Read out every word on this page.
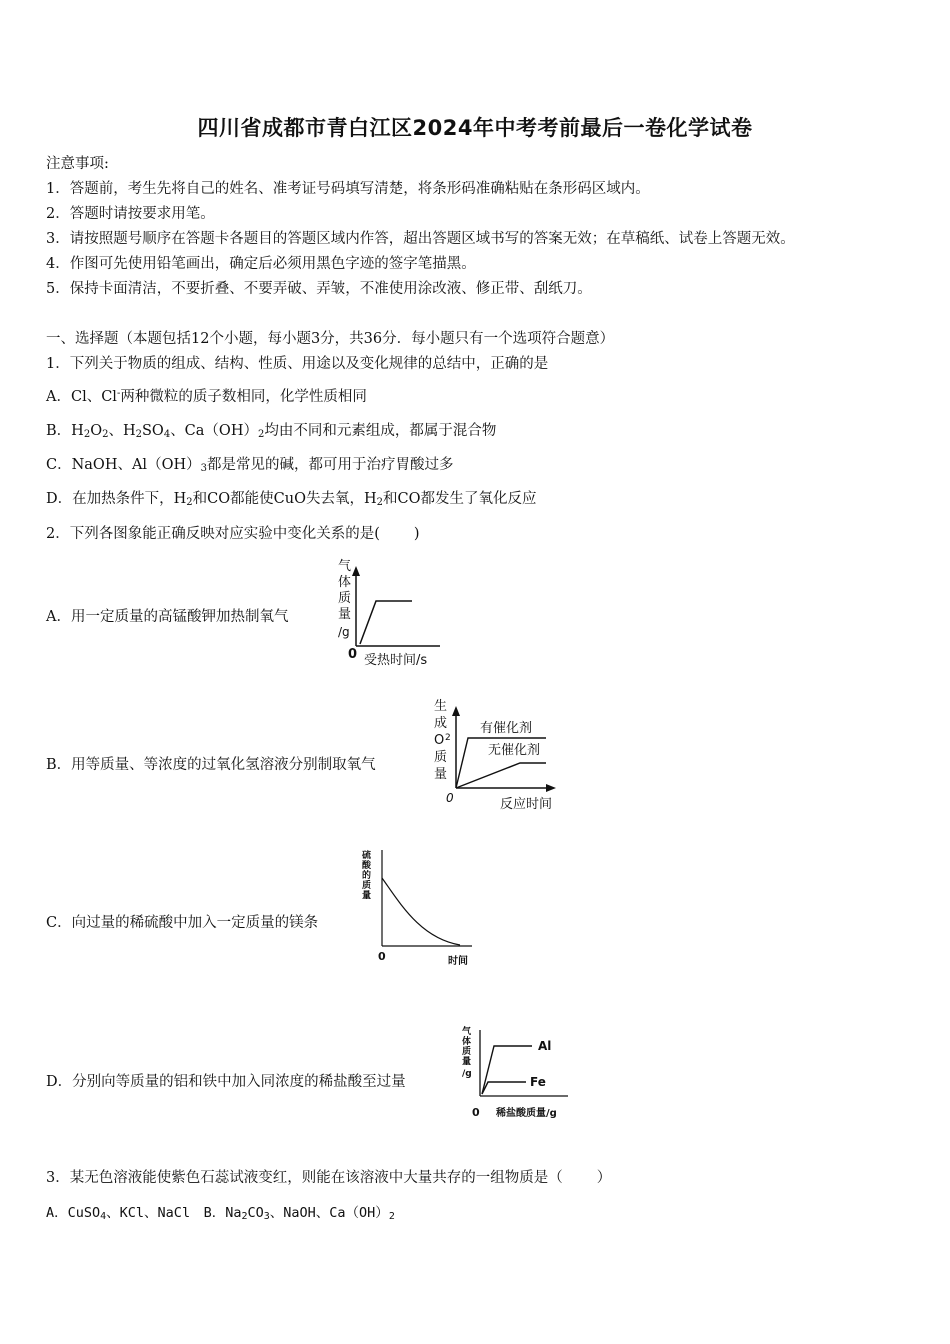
四川省成都市青白江区2024年中考考前最后一卷化学试卷
注意事项:
1．答题前，考生先将自己的姓名、准考证号码填写清楚，将条形码准确粘贴在条形码区域内。
2．答题时请按要求用笔。
3．请按照题号顺序在答题卡各题目的答题区域内作答，超出答题区域书写的答案无效；在草稿纸、试卷上答题无效。
4．作图可先使用铅笔画出，确定后必须用黑色字迹的签字笔描黑。
5．保持卡面清洁，不要折叠、不要弄破、弄皱，不准使用涂改液、修正带、刮纸刀。
一、选择题（本题包括12个小题，每小题3分，共36分．每小题只有一个选项符合题意）
1．下列关于物质的组成、结构、性质、用途以及变化规律的总结中，正确的是
A．Cl、Cl-两种微粒的质子数相同，化学性质相同
B．$H_2O_2$、$H_2SO_4$、$Ca(OH)_2$均由不同和元素组成，都属于混合物
C．NaOH、$Al(OH)_3$都是常见的碱，都可用于治疗胃酸过多
D．在加热条件下，$H_2$和CO都能使CuO失去氧，$H_2$和CO都发生了氧化反应
2．下列各图象能正确反映对应实验中变化关系的是( )
A．用一定质量的高锰酸钾加热制氧气
气
体
质
量
/g
0 受热时间/s
B．用等质量、等浓度的过氧化氢溶液分别制取氧气
生
成
O 2
质
量
有催化剂
无催化剂
0	反应时间
C．向过量的稀硫酸中加入一定质量的镁条
硫
酸
的
质
量
0	时间
D．分别向等质量的铝和铁中加入同浓度的稀盐酸至过量
气
体
质
量
/g
Al
Fe
0 稀盐酸质量/g
3．某无色溶液能使紫色石蕊试液变红，则能在该溶液中大量共存的一组物质是（ ）
A．CuSO$_4$、KCl、NaCl　B．$Na_2CO_3$、NaOH、$Ca(OH)_2$
